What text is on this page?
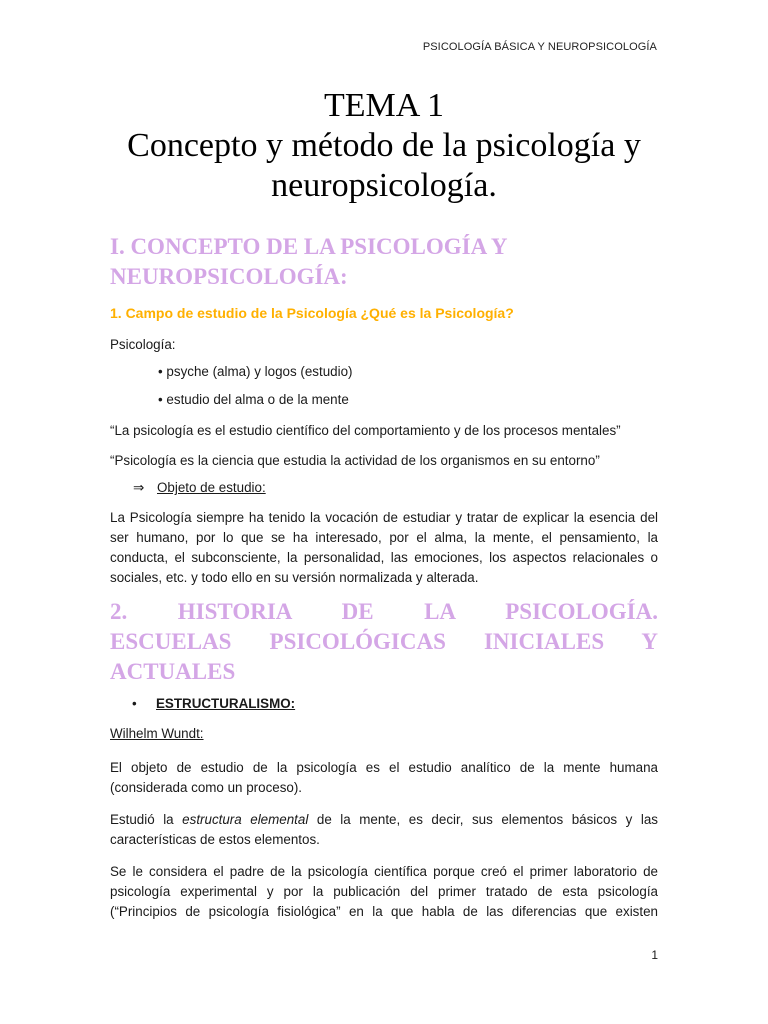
PSICOLOGÍA BÁSICA Y NEUROPSICOLOGÍA
TEMA 1
Concepto y método de la psicología y
neuropsicología.
I. CONCEPTO DE LA PSICOLOGÍA Y
NEUROPSICOLOGÍA:
1. Campo de estudio de la Psicología ¿Qué es la Psicología?
Psicología:
• psyche (alma) y logos (estudio)
• estudio del alma o de la mente
“La psicología es el estudio científico del comportamiento y de los procesos mentales”
“Psicología es la ciencia que estudia la actividad de los organismos en su entorno”
⇒ Objeto de estudio:
La Psicología siempre ha tenido la vocación de estudiar y tratar de explicar la esencia del ser humano, por lo que se ha interesado, por el alma, la mente, el pensamiento, la conducta, el subconsciente, la personalidad, las emociones, los aspectos relacionales o sociales, etc. y todo ello en su versión normalizada y alterada.
2. HISTORIA DE LA PSICOLOGÍA.
ESCUELAS PSICOLÓGICAS INICIALES Y
ACTUALES
• ESTRUCTURALISMO:
Wilhelm Wundt:
El objeto de estudio de la psicología es el estudio analítico de la mente humana (considerada como un proceso).
Estudió la estructura elemental de la mente, es decir, sus elementos básicos y las características de estos elementos.
Se le considera el padre de la psicología científica porque creó el primer laboratorio de
psicología experimental y por la publicación del primer tratado de esta psicología
(“Principios de psicología fisiológica” en la que habla de las diferencias que existen
1
